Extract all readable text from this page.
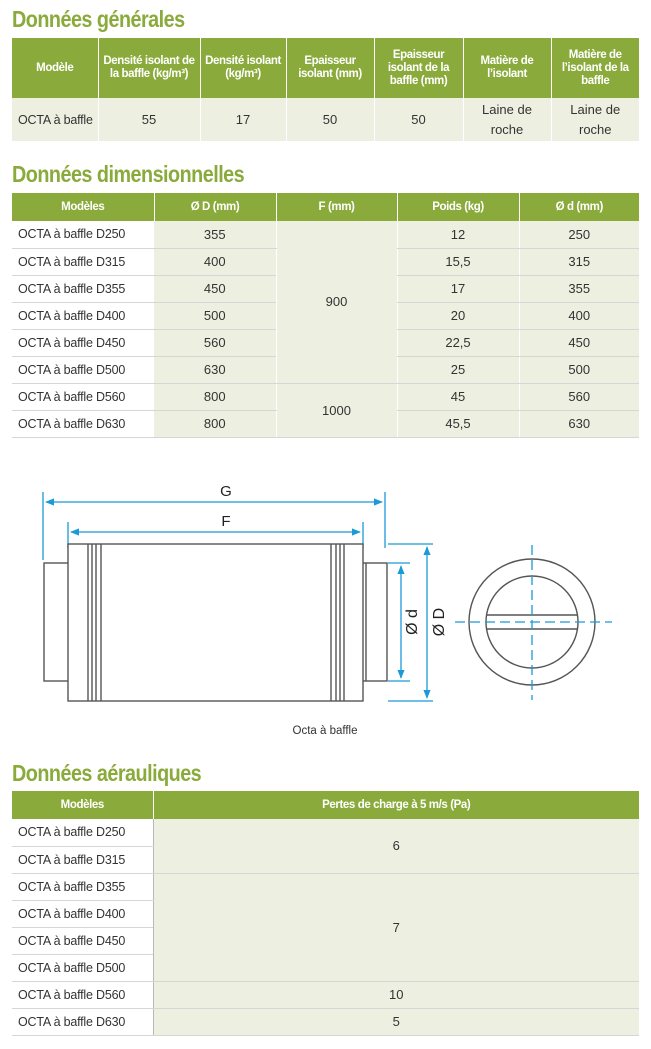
Données générales
Modèle	Densité isolant de la baffle (kg/m³)	Densité isolant (kg/m³)	Epaisseur isolant (mm)	Epaisseur isolant de la baffle (mm)	Matière de l’isolant	Matière de l’isolant de la baffle
OCTA à baffle	55	17	50	50	Laine de roche	Laine de roche
Données dimensionnelles
Modèles	Ø D (mm)	F (mm)	Poids (kg)	Ø d (mm)
OCTA à baffle D250	355	900	12	250
OCTA à baffle D315	400		15,5	315
OCTA à baffle D355	450		17	355
OCTA à baffle D400	500		20	400
OCTA à baffle D450	560		22,5	450
OCTA à baffle D500	630		25	500
OCTA à baffle D560	800	1000	45	560
OCTA à baffle D630	800		45,5	630
G
F
Ø d Ø D
Octa à baffle
Données aérauliques
Modèles	Pertes de charge à 5 m/s (Pa)
OCTA à baffle D250	6
OCTA à baffle D315	
OCTA à baffle D355	7
OCTA à baffle D400	
OCTA à baffle D450	
OCTA à baffle D500	
OCTA à baffle D560	10
OCTA à baffle D630	5
